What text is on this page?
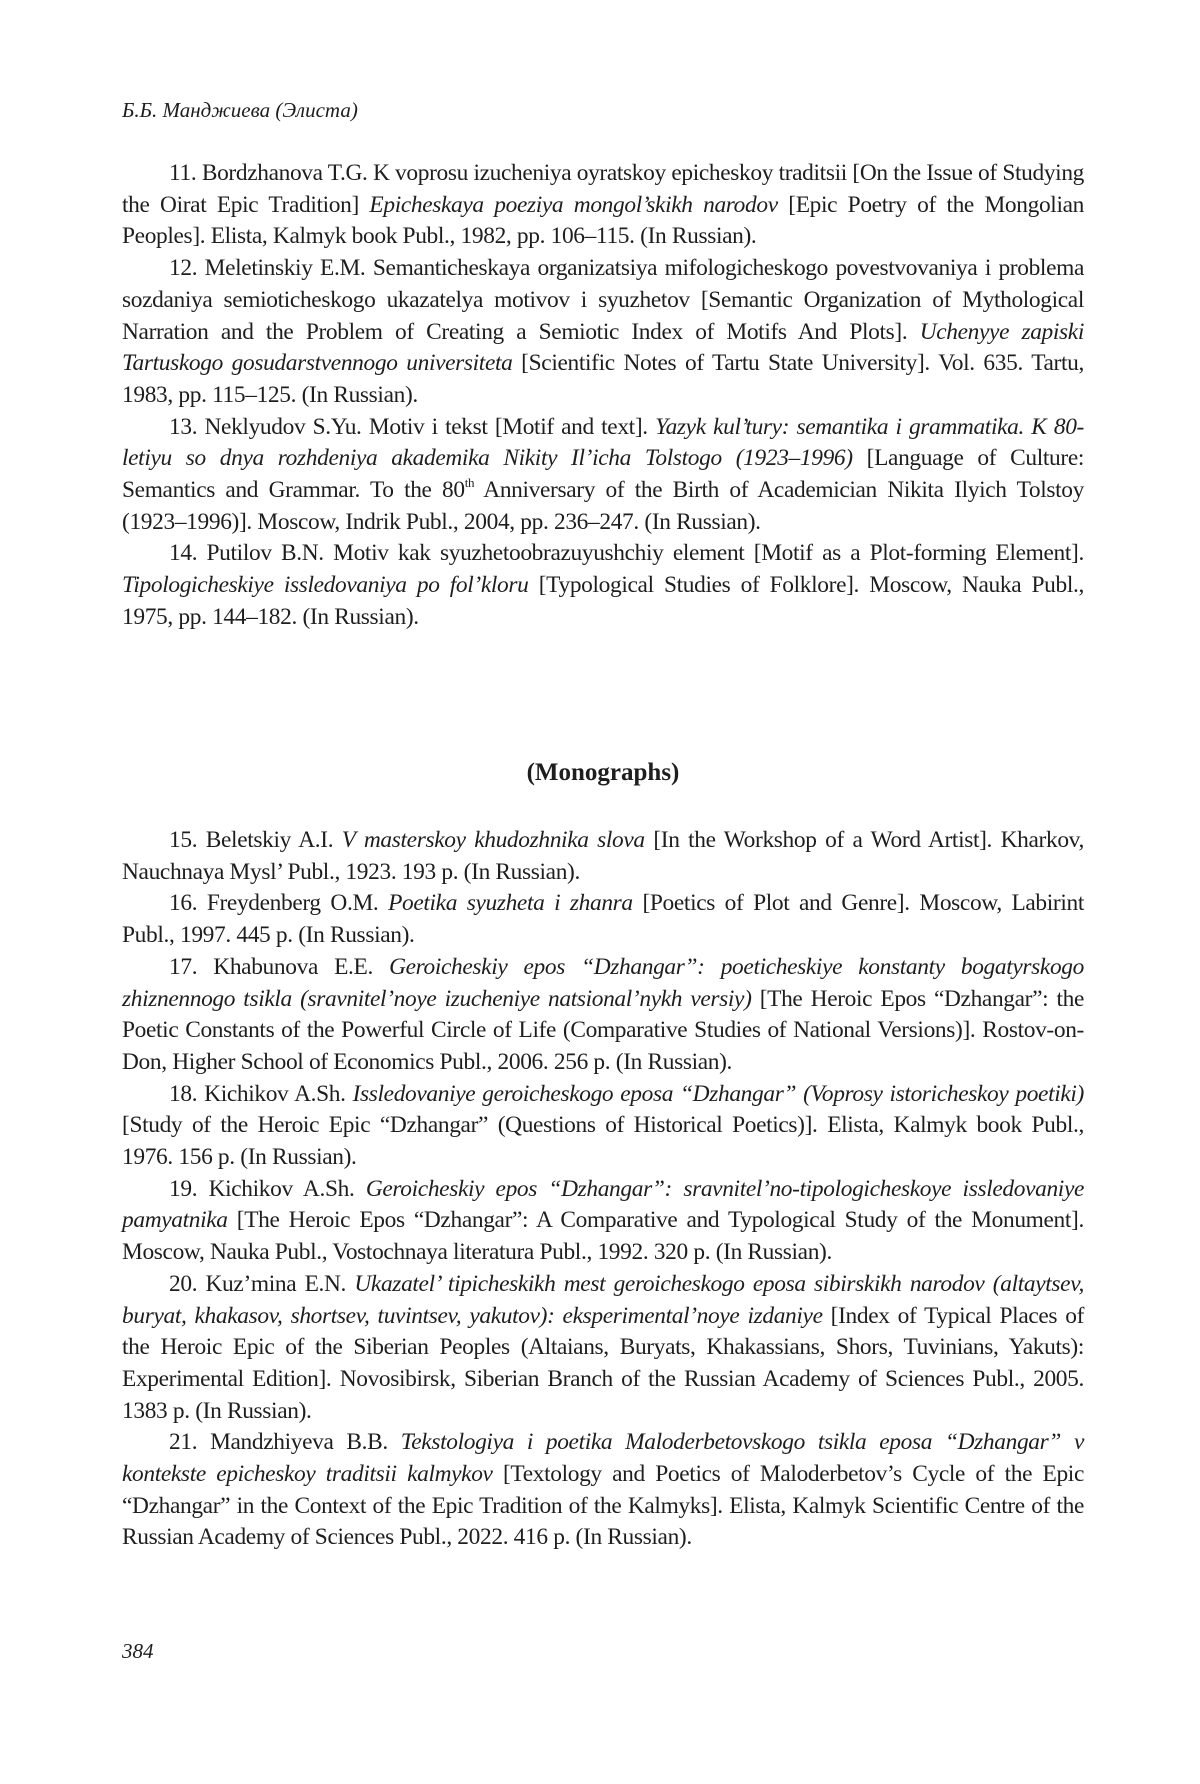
Б.Б. Манджиева (Элиста)

11. Bordzhanova T.G. K voprosu izucheniya oyratskoy epicheskoy traditsii [On the Issue of Studying the Oirat Epic Tradition] Epicheskaya poeziya mongol’skikh narodov [Epic Poetry of the Mongolian Peoples]. Elista, Kalmyk book Publ., 1982, pp. 106–115. (In Russian).

12. Meletinskiy E.M. Semanticheskaya organizatsiya mifologicheskogo povestvovaniya i problema sozdaniya semioticheskogo ukazatelya motivov i syuzhetov [Semantic Organization of Mythological Narration and the Problem of Creating a Semiotic Index of Motifs And Plots]. Uchenyye zapiski Tartuskogo gosudarstvennogo universiteta [Scientific Notes of Tartu State University]. Vol. 635. Tartu, 1983, pp. 115–125. (In Russian).

13. Neklyudov S.Yu. Motiv i tekst [Motif and text]. Yazyk kul’tury: semantika i grammatika. K 80-letiyu so dnya rozhdeniya akademika Nikity Il’icha Tolstogo (1923–1996) [Language of Culture: Semantics and Grammar. To the 80th Anniversary of the Birth of Academician Nikita Ilyich Tolstoy (1923–1996)]. Moscow, Indrik Publ., 2004, pp. 236–247. (In Russian).

14. Putilov B.N. Motiv kak syuzhetoobrazuyushchiy element [Motif as a Plot-forming Element]. Tipologicheskiye issledovaniya po fol’kloru [Typological Studies of Folklore]. Moscow, Nauka Publ., 1975, pp. 144–182. (In Russian).

(Monographs)

15. Beletskiy A.I. V masterskoy khudozhnika slova [In the Workshop of a Word Artist]. Kharkov, Nauchnaya Mysl’ Publ., 1923. 193 p. (In Russian).

16. Freydenberg O.M. Poetika syuzheta i zhanra [Poetics of Plot and Genre]. Moscow, Labirint Publ., 1997. 445 p. (In Russian).

17. Khabunova E.E. Geroicheskiy epos “Dzhangar”: poeticheskiye konstanty bogatyrskogo zhiznennogo tsikla (sravnitel’noye izucheniye natsional’nykh versiy) [The Heroic Epos “Dzhangar”: the Poetic Constants of the Powerful Circle of Life (Comparative Studies of National Versions)]. Rostov-on-Don, Higher School of Economics Publ., 2006. 256 p. (In Russian).

18. Kichikov A.Sh. Issledovaniye geroicheskogo eposa “Dzhangar” (Voprosy istoricheskoy poetiki) [Study of the Heroic Epic “Dzhangar” (Questions of Historical Poetics)]. Elista, Kalmyk book Publ., 1976. 156 p. (In Russian).

19. Kichikov A.Sh. Geroicheskiy epos “Dzhangar”: sravnitel’no-tipologicheskoye issledovaniye pamyatnika [The Heroic Epos “Dzhangar”: A Comparative and Typological Study of the Monument]. Moscow, Nauka Publ., Vostochnaya literatura Publ., 1992. 320 p. (In Russian).

20. Kuz’mina E.N. Ukazatel’ tipicheskikh mest geroicheskogo eposa sibirskikh narodov (altaytsev, buryat, khakasov, shortsev, tuvintsev, yakutov): eksperimental’noye izdaniye [Index of Typical Places of the Heroic Epic of the Siberian Peoples (Altaians, Buryats, Khakassians, Shors, Tuvinians, Yakuts): Experimental Edition]. Novosibirsk, Siberian Branch of the Russian Academy of Sciences Publ., 2005. 1383 p. (In Russian).

21. Mandzhiyeva B.B. Tekstologiya i poetika Maloderbetovskogo tsikla eposa “Dzhangar” v kontekste epicheskoy traditsii kalmykov [Textology and Poetics of Maloderbetov’s Cycle of the Epic “Dzhangar” in the Context of the Epic Tradition of the Kalmyks]. Elista, Kalmyk Scientific Centre of the Russian Academy of Sciences Publ., 2022. 416 p. (In Russian).

384
